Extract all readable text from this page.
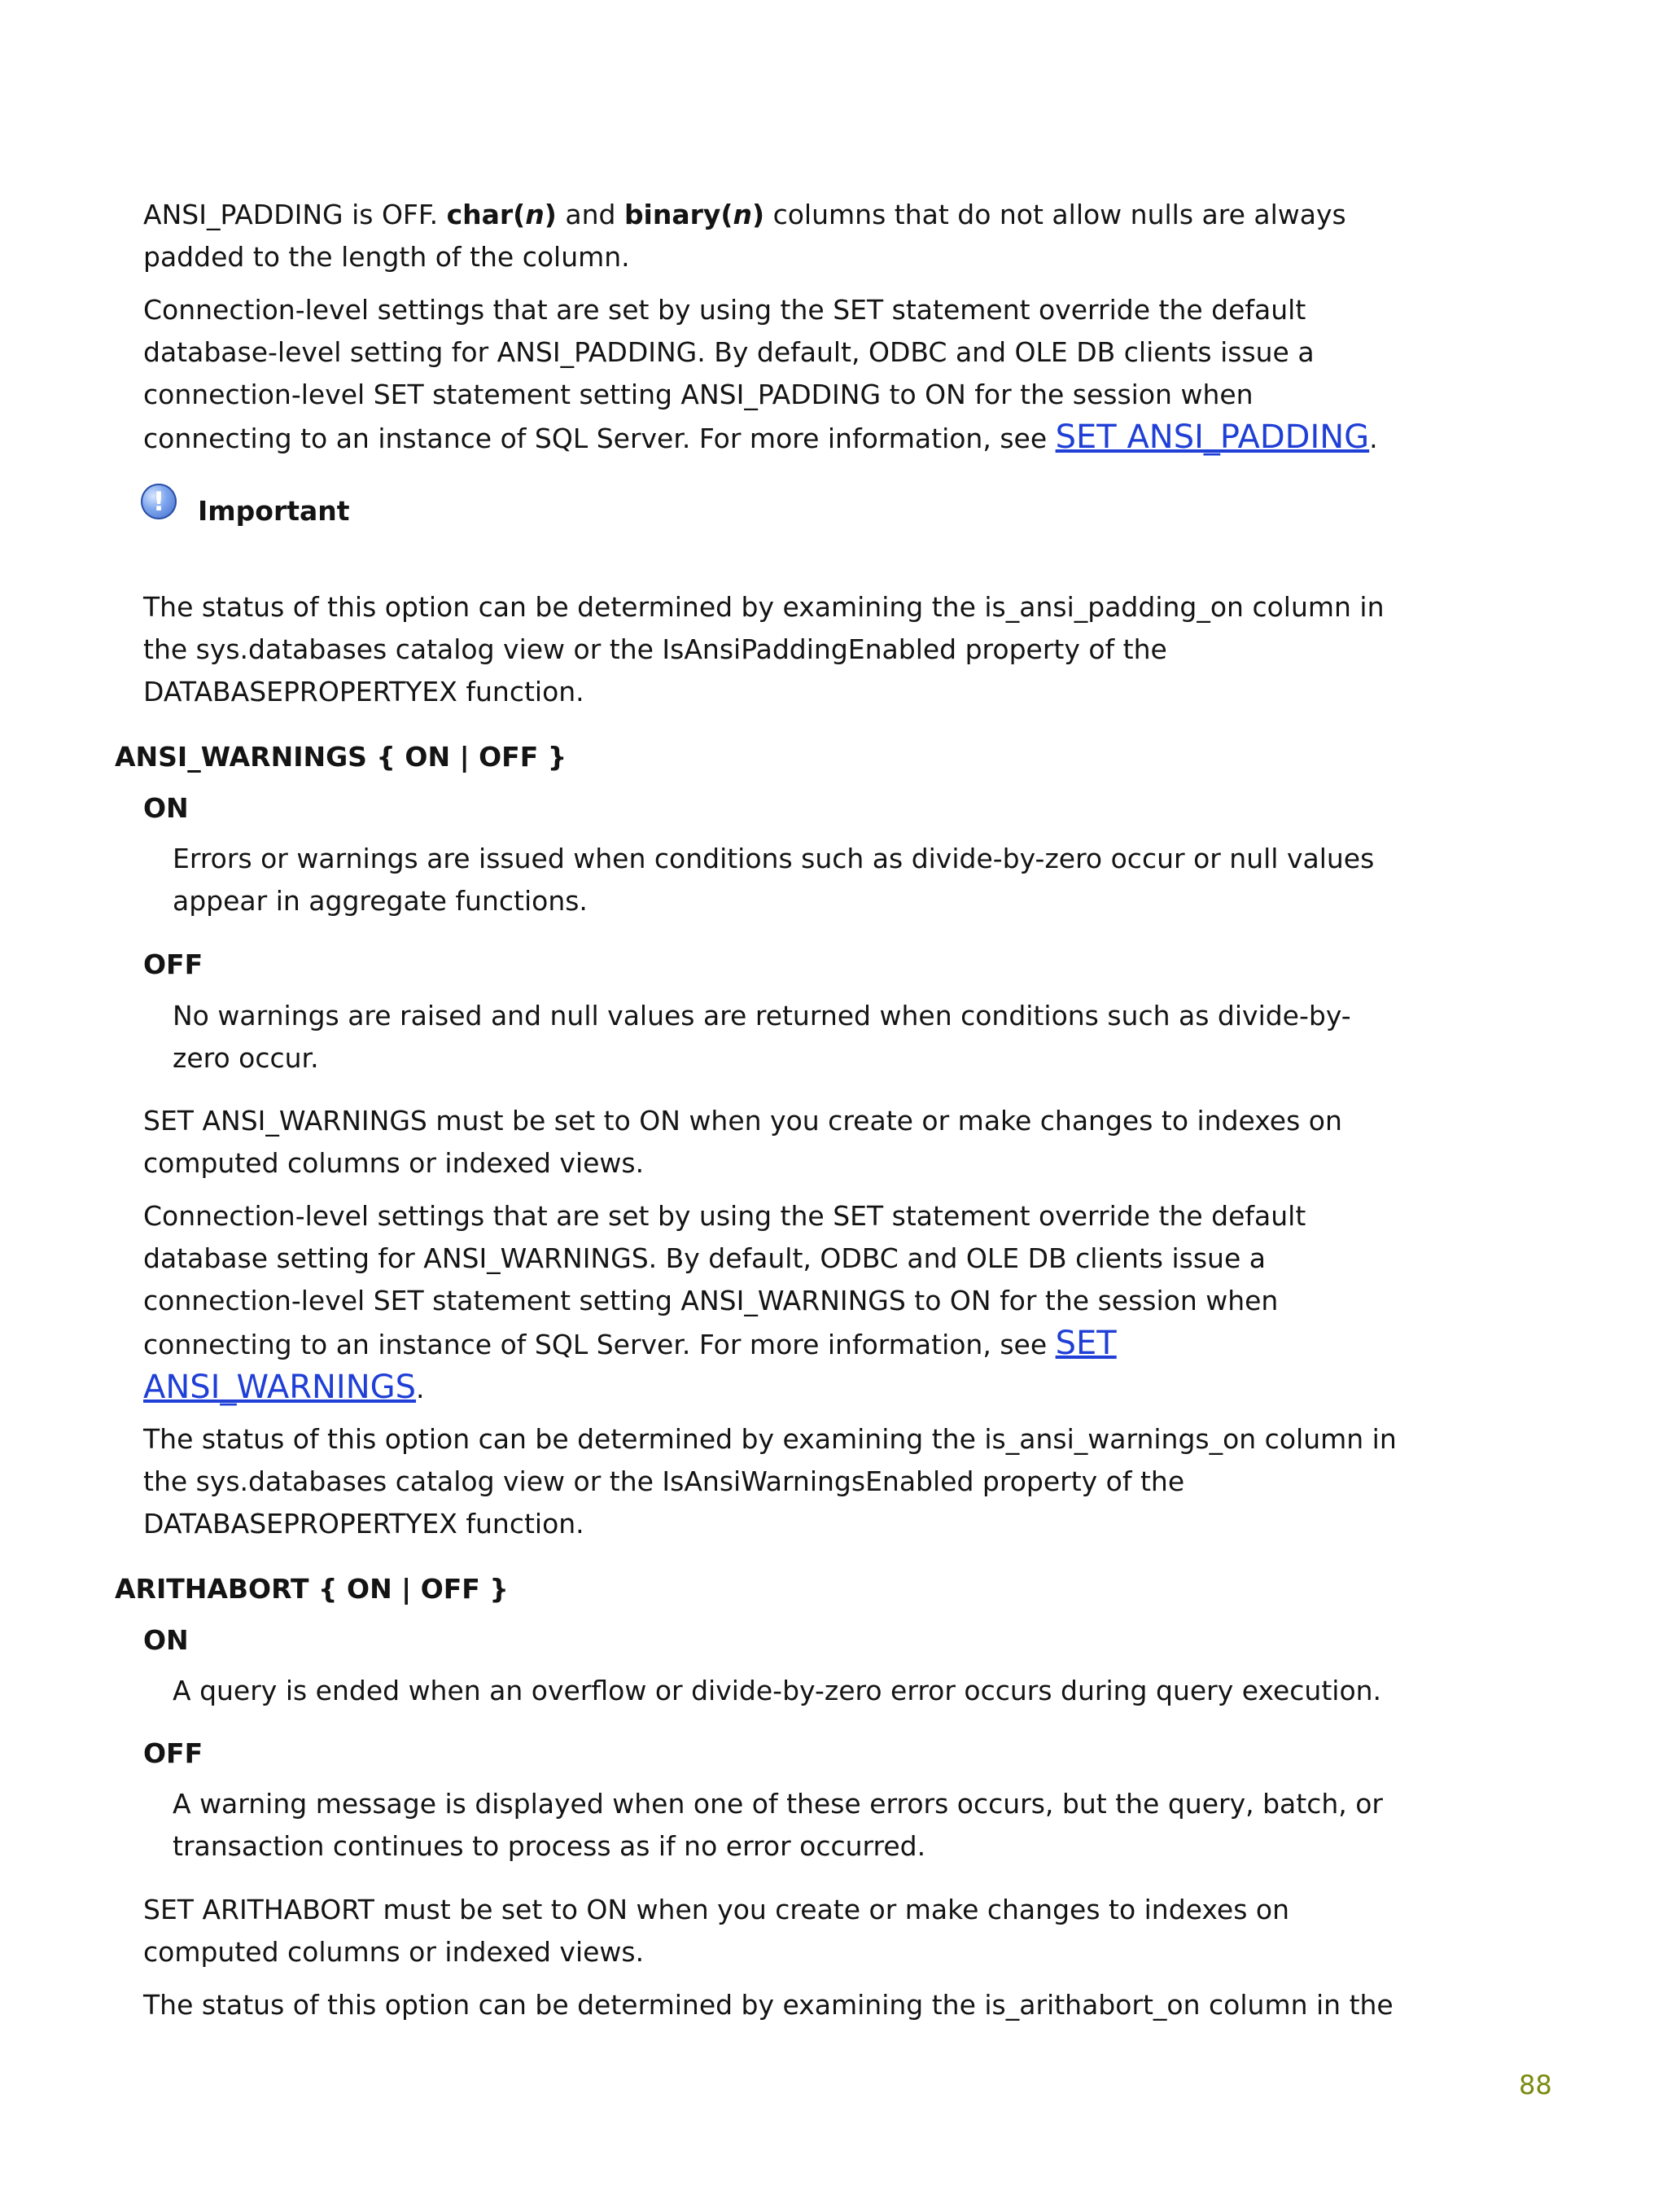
ANSI_PADDING is OFF. char(n) and binary(n) columns that do not allow nulls are always
padded to the length of the column.
Connection-level settings that are set by using the SET statement override the default
database-level setting for ANSI_PADDING. By default, ODBC and OLE DB clients issue a
connection-level SET statement setting ANSI_PADDING to ON for the session when
connecting to an instance of SQL Server. For more information, see SET ANSI_PADDING.
!	Important
The status of this option can be determined by examining the is_ansi_padding_on column in
the sys.databases catalog view or the IsAnsiPaddingEnabled property of the
DATABASEPROPERTYEX function.
ANSI_WARNINGS { ON | OFF }
ON
Errors or warnings are issued when conditions such as divide-by-zero occur or null values
appear in aggregate functions.
OFF
No warnings are raised and null values are returned when conditions such as divide-by-
zero occur.
SET ANSI_WARNINGS must be set to ON when you create or make changes to indexes on
computed columns or indexed views.
Connection-level settings that are set by using the SET statement override the default
database setting for ANSI_WARNINGS. By default, ODBC and OLE DB clients issue a
connection-level SET statement setting ANSI_WARNINGS to ON for the session when
connecting to an instance of SQL Server. For more information, see SET
ANSI_WARNINGS.
The status of this option can be determined by examining the is_ansi_warnings_on column in
the sys.databases catalog view or the IsAnsiWarningsEnabled property of the
DATABASEPROPERTYEX function.
ARITHABORT { ON | OFF }
ON
A query is ended when an overflow or divide-by-zero error occurs during query execution.
OFF
A warning message is displayed when one of these errors occurs, but the query, batch, or
transaction continues to process as if no error occurred.
SET ARITHABORT must be set to ON when you create or make changes to indexes on
computed columns or indexed views.
The status of this option can be determined by examining the is_arithabort_on column in the
88
